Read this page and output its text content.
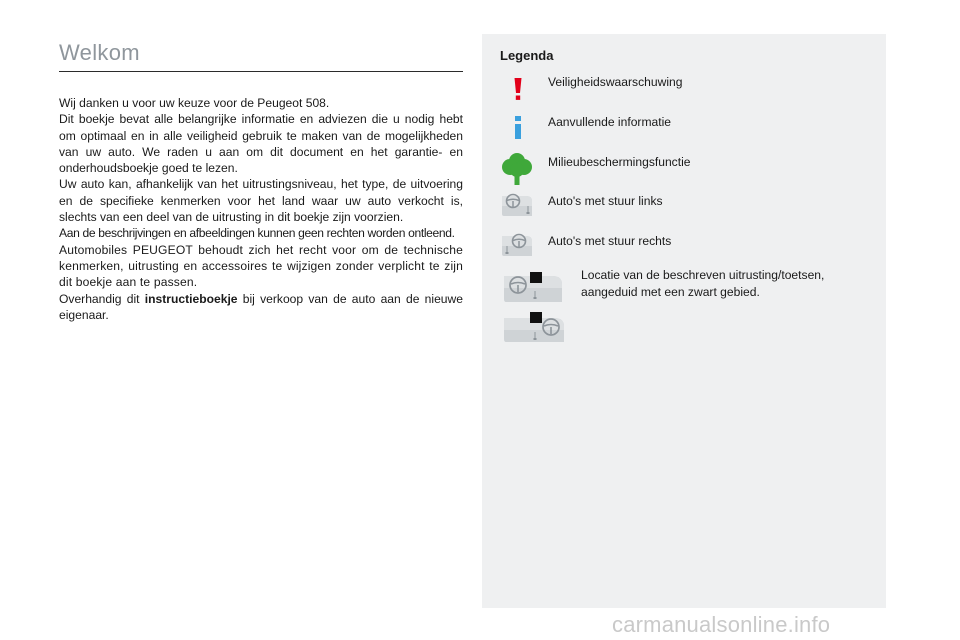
Welkom

Wij danken u voor uw keuze voor de Peugeot 508.

Dit boekje bevat alle belangrijke informatie en adviezen die u nodig hebt om optimaal en in alle veiligheid gebruik te maken van de mogelijkheden van uw auto. We raden u aan om dit document en het garantie- en onderhoudsboekje goed te lezen.

Uw auto kan, afhankelijk van het uitrustingsniveau, het type, de uitvoering en de specifieke kenmerken voor het land waar uw auto verkocht is, slechts van een deel van de uitrusting in dit boekje zijn voorzien.

Aan de beschrijvingen en afbeeldingen kunnen geen rechten worden ontleend.

Automobiles PEUGEOT behoudt zich het recht voor om de technische kenmerken, uitrusting en accessoires te wijzigen zonder verplicht te zijn dit boekje aan te passen.

Overhandig dit instructieboekje bij verkoop van de auto aan de nieuwe eigenaar.

Legenda
Veiligheidswaarschuwing
Aanvullende informatie
Milieubeschermingsfunctie
Auto's met stuur links
Auto's met stuur rechts
Locatie van de beschreven uitrusting/toetsen,
aangeduid met een zwart gebied.
carmanualsonline.info
